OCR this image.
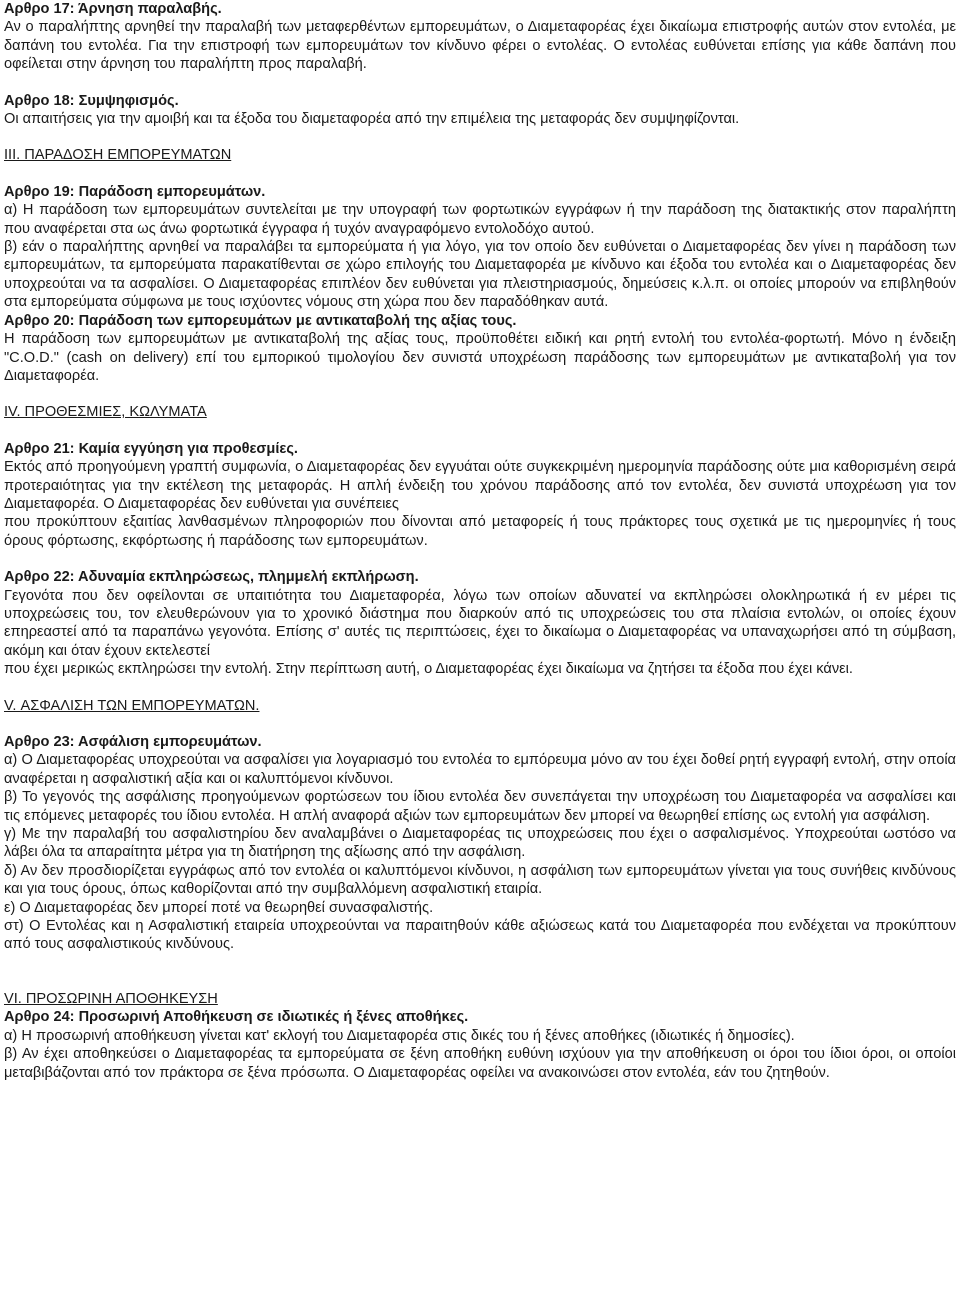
Αρθρο 17: Άρνηση παραλαβής.

Αν ο παραλήπτης αρνηθεί την παραλαβή των μεταφερθέντων εμπορευμάτων, ο Διαμεταφορέας έχει δικαίωμα επιστροφής αυτών στον εντολέα, με δαπάνη του εντολέα. Για την επιστροφή των εμπορευμάτων τον κίνδυνο φέρει ο εντολέας. Ο εντολέας ευθύνεται επίσης για κάθε δαπάνη που οφείλεται στην άρνηση του παραλήπτη προς παραλαβή.

Αρθρο 18: Συμψηφισμός.

Οι απαιτήσεις για την αμοιβή και τα έξοδα του διαμεταφορέα από την επιμέλεια της μεταφοράς δεν συμψηφίζονται.

III. ΠΑΡΑΔΟΣΗ ΕΜΠΟΡΕΥΜΑΤΩΝ

Αρθρο 19: Παράδοση εμπορευμάτων.

α) Η παράδοση των εμπορευμάτων συντελείται με την υπογραφή των φορτωτικών εγγράφων ή την παράδοση της διατακτικής στον παραλήπτη που αναφέρεται στα ως άνω φορτωτικά έγγραφα ή τυχόν αναγραφόμενο εντολοδόχο αυτού.

β) εάν ο παραλήπτης αρνηθεί να παραλάβει τα εμπορεύματα ή για λόγο, για τον οποίο δεν ευθύνεται ο Διαμεταφορέας δεν γίνει η παράδοση των εμπορευμάτων, τα εμπορεύματα παρακατίθενται σε χώρο επιλογής του Διαμεταφορέα με κίνδυνο και έξοδα του εντολέα και ο Διαμεταφορέας δεν υποχρεούται να τα ασφαλίσει. Ο Διαμεταφορέας επιπλέον δεν ευθύνεται για πλειστηριασμούς, δημεύσεις κ.λ.π. οι οποίες μπορούν να επιβληθούν στα εμπορεύματα σύμφωνα με τους ισχύοντες νόμους στη χώρα που δεν παραδόθηκαν αυτά.

Αρθρο 20: Παράδοση των εμπορευμάτων με αντικαταβολή της αξίας τους.

Η παράδοση των εμπορευμάτων με αντικαταβολή της αξίας τους, προϋποθέτει ειδική και ρητή εντολή του εντολέα-φορτωτή. Μόνο η ένδειξη "C.O.D." (cash on delivery) επί του εμπορικού τιμολογίου δεν συνιστά υποχρέωση παράδοσης των εμπορευμάτων με αντικαταβολή για τον Διαμεταφορέα.

IV. ΠΡΟΘΕΣΜΙΕΣ, ΚΩΛΥΜΑΤΑ

Αρθρο 21: Καμία εγγύηση για προθεσμίες.

Εκτός από προηγούμενη γραπτή συμφωνία, ο Διαμεταφορέας δεν εγγυάται ούτε συγκεκριμένη ημερομηνία παράδοσης ούτε μια καθορισμένη σειρά προτεραιότητας για την εκτέλεση της μεταφοράς. Η απλή ένδειξη του χρόνου παράδοσης από τον εντολέα, δεν συνιστά υποχρέωση για τον Διαμεταφορέα. Ο Διαμεταφορέας δεν ευθύνεται για συνέπειες

που προκύπτουν εξαιτίας λανθασμένων πληροφοριών που δίνονται από μεταφορείς ή τους πράκτορες τους σχετικά με τις ημερομηνίες ή τους όρους φόρτωσης, εκφόρτωσης ή παράδοσης των εμπορευμάτων.

Αρθρο 22: Αδυναμία εκπληρώσεως, πλημμελή εκπλήρωση.

Γεγονότα που δεν οφείλονται σε υπαιτιότητα του Διαμεταφορέα, λόγω των οποίων αδυνατεί να εκπληρώσει ολοκληρωτικά ή εν μέρει τις υποχρεώσεις του, τον ελευθερώνουν για το χρονικό διάστημα που διαρκούν από τις υποχρεώσεις του στα πλαίσια εντολών, οι οποίες έχουν επηρεαστεί από τα παραπάνω γεγονότα. Επίσης σ' αυτές τις περιπτώσεις, έχει το δικαίωμα ο Διαμεταφορέας να υπαναχωρήσει από τη σύμβαση, ακόμη και όταν έχουν εκτελεστεί

που έχει μερικώς εκπληρώσει την εντολή. Στην περίπτωση αυτή, ο Διαμεταφορέας έχει δικαίωμα να ζητήσει τα έξοδα που έχει κάνει.

V. ΑΣΦΑΛΙΣΗ ΤΩΝ ΕΜΠΟΡΕΥΜΑΤΩΝ.

Αρθρο 23: Ασφάλιση εμπορευμάτων.

α) Ο Διαμεταφορέας υποχρεούται να ασφαλίσει για λογαριασμό του εντολέα το εμπόρευμα μόνο αν του έχει δοθεί ρητή εγγραφή εντολή, στην οποία αναφέρεται η ασφαλιστική αξία και οι καλυπτόμενοι κίνδυνοι.

β) Το γεγονός της ασφάλισης προηγούμενων φορτώσεων του ίδιου εντολέα δεν συνεπάγεται την υποχρέωση του Διαμεταφορέα να ασφαλίσει και τις επόμενες μεταφορές του ίδιου εντολέα. Η απλή αναφορά αξιών των εμπορευμάτων δεν μπορεί να θεωρηθεί επίσης ως εντολή για ασφάλιση.

γ) Με την παραλαβή του ασφαλιστηρίου δεν αναλαμβάνει ο Διαμεταφορέας τις υποχρεώσεις που έχει ο ασφαλισμένος. Υποχρεούται ωστόσο να λάβει όλα τα απαραίτητα μέτρα για τη διατήρηση της αξίωσης από την ασφάλιση.

δ) Αν δεν προσδιορίζεται εγγράφως από τον εντολέα οι καλυπτόμενοι κίνδυνοι, η ασφάλιση των εμπορευμάτων γίνεται για τους συνήθεις κινδύνους και για τους όρους, όπως καθορίζονται από την συμβαλλόμενη ασφαλιστική εταιρία.

ε) Ο Διαμεταφορέας δεν μπορεί ποτέ να θεωρηθεί συνασφαλιστής.

στ) Ο Εντολέας και η Ασφαλιστική εταιρεία υποχρεούνται να παραιτηθούν κάθε αξιώσεως κατά του Διαμεταφορέα που ενδέχεται να προκύπτουν από τους ασφαλιστικούς κινδύνους.

VI. ΠΡΟΣΩΡΙΝΗ ΑΠΟΘΗΚΕΥΣΗ

Αρθρο 24: Προσωρινή Αποθήκευση σε ιδιωτικές ή ξένες αποθήκες.

α) Η προσωρινή αποθήκευση γίνεται κατ' εκλογή του Διαμεταφορέα στις δικές του ή ξένες αποθήκες (ιδιωτικές ή δημοσίες).

β) Αν έχει αποθηκεύσει ο Διαμεταφορέας τα εμπορεύματα σε ξένη αποθήκη ευθύνη ισχύουν για την αποθήκευση οι όροι του ίδιοι όροι, οι οποίοι μεταβιβάζονται από τον πράκτορα σε ξένα πρόσωπα. Ο Διαμεταφορέας οφείλει να ανακοινώσει στον εντολέα, εάν του ζητηθούν.
